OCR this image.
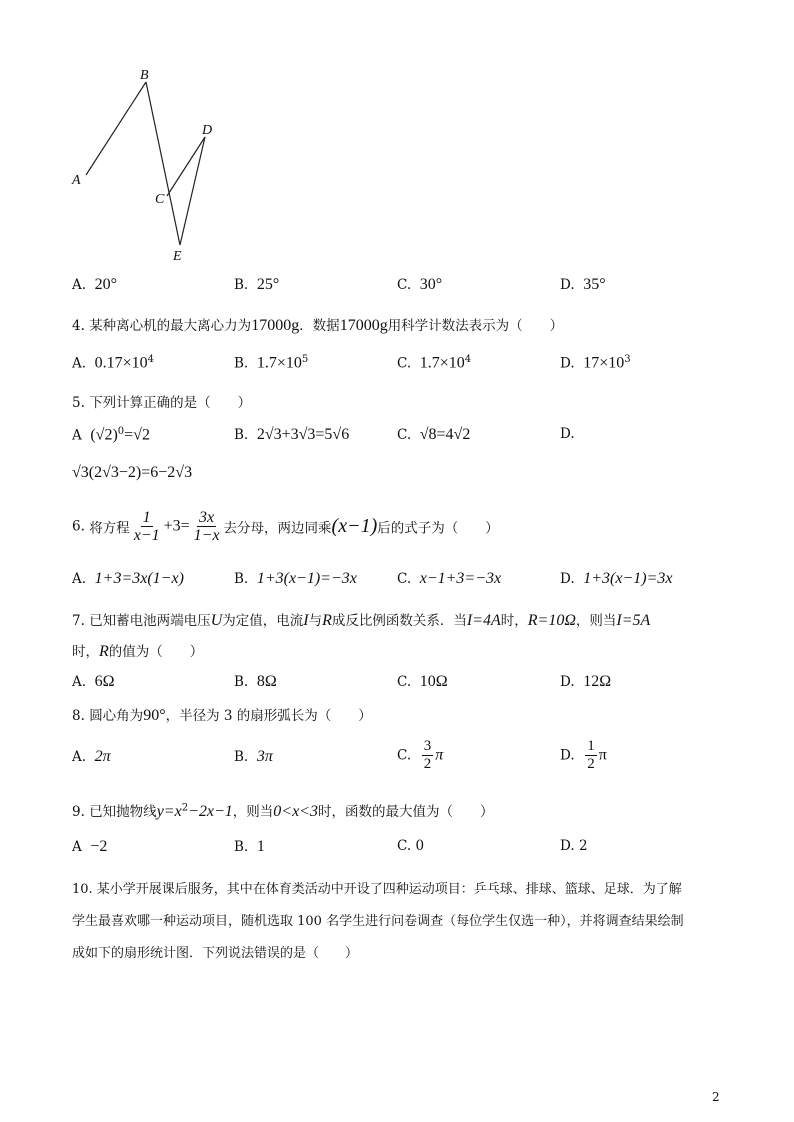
A
B
C
D
E
A. 20°	B. 25°	C. 30°	D. 35°
4. 某种离心机的最大离心力为17000g．数据17000g用科学计数法表示为（　　）
A. $0.17\times 10^4$	B. $1.7\times 10^5$	C. $1.7\times 10^4$	D. $17\times 10^3$
5. 下列计算正确的是（　　）
A $(√2)^0=√2$	B. 2√3+3√3=5√6	C. √8=4√2	D.
√3(2√3−2)=6−2√3
6. 将方程 $\frac{1}{x-1} +3= \frac{3x}{1-x}$ 去分母，两边同乘(x−1)后的式子为（　　）
A. 1+3=3x(1−x)	B. 1+3(x−1)=−3x	C. x−1+3=−3x	D. 1+3(x−1)=3x
7. 已知蓄电池两端电压U为定值，电流I与R成反比例函数关系．当I=4A时，R=10Ω，则当I=5A
时，R的值为（　　）
A. 6Ω	B. 8Ω	C. 10Ω	D. 12Ω
8. 圆心角为90°，半径为 3 的扇形弧长为（　　）
A. 2π	B. 3π	C. $\frac{3}{2}$ π	D. $\frac{1}{2}$ π
9. 已知抛物线$y=x^2-2x-1$，则当0<x<3时，函数的最大值为（　　）
A −2	B. 1	C. 0	D. 2
10. 某小学开展课后服务，其中在体育类活动中开设了四种运动项目：乒乓球、排球、篮球、足球．为了解
学生最喜欢哪一种运动项目，随机选取 100 名学生进行问卷调查（每位学生仅选一种），并将调查结果绘制
成如下的扇形统计图．下列说法错误的是（　　）
2
